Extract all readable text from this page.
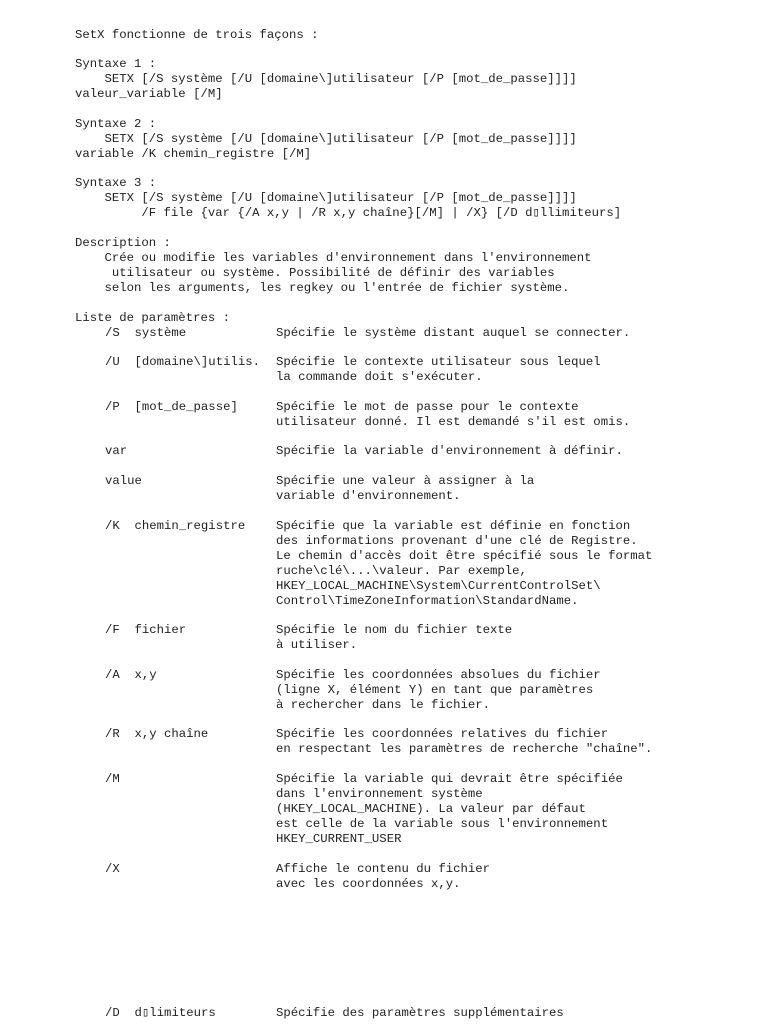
SetX fonctionne de trois façons :

Syntaxe 1 :

SETX [/S système [/U [domaine\]utilisateur [/P [mot_de_passe]]]]

valeur_variable [/M]

Syntaxe 2 :

SETX [/S système [/U [domaine\]utilisateur [/P [mot_de_passe]]]]

variable /K chemin_registre [/M]

Syntaxe 3 :

SETX [/S système [/U [domaine\]utilisateur [/P [mot_de_passe]]]]

/F file {var {/A x,y | /R x,y chaîne}[/M] | /X} [/D d▯llimiteurs]

Description :

Crée ou modifie les variables d'environnement dans l'environnement

utilisateur ou système. Possibilité de définir des variables

selon les arguments, les regkey ou l'entrée de fichier système.

Liste de paramètres :

/S  système	Spécifie le système distant auquel se connecter.

/U  [domaine\]utilis. Spécifie le contexte utilisateur sous lequel

la commande doit s'exécuter.

/P  [mot_de_passe]	Spécifie le mot de passe pour le contexte

utilisateur donné. Il est demandé s'il est omis.

var	Spécifie la variable d'environnement à définir.

value	Spécifie une valeur à assigner à la

variable d'environnement.

/K  chemin_registre	Spécifie que la variable est définie en fonction

des informations provenant d'une clé de Registre.

Le chemin d'accès doit être spécifié sous le format

ruche\clé\...\valeur. Par exemple,

HKEY_LOCAL_MACHINE\System\CurrentControlSet\

Control\TimeZoneInformation\StandardName.

/F  fichier	Spécifie le nom du fichier texte

à utiliser.

/A  x,y	Spécifie les coordonnées absolues du fichier

(ligne X, élément Y) en tant que paramètres

à rechercher dans le fichier.

/R  x,y chaîne	Spécifie les coordonnées relatives du fichier

en respectant les paramètres de recherche "chaîne".

/M	Spécifie la variable qui devrait être spécifiée

dans l'environnement système

(HKEY_LOCAL_MACHINE). La valeur par défaut

est celle de la variable sous l'environnement

HKEY_CURRENT_USER

/X	Affiche le contenu du fichier

avec les coordonnées x,y.

/D  d▯limiteurs	Spécifie des paramètres supplémentaires
